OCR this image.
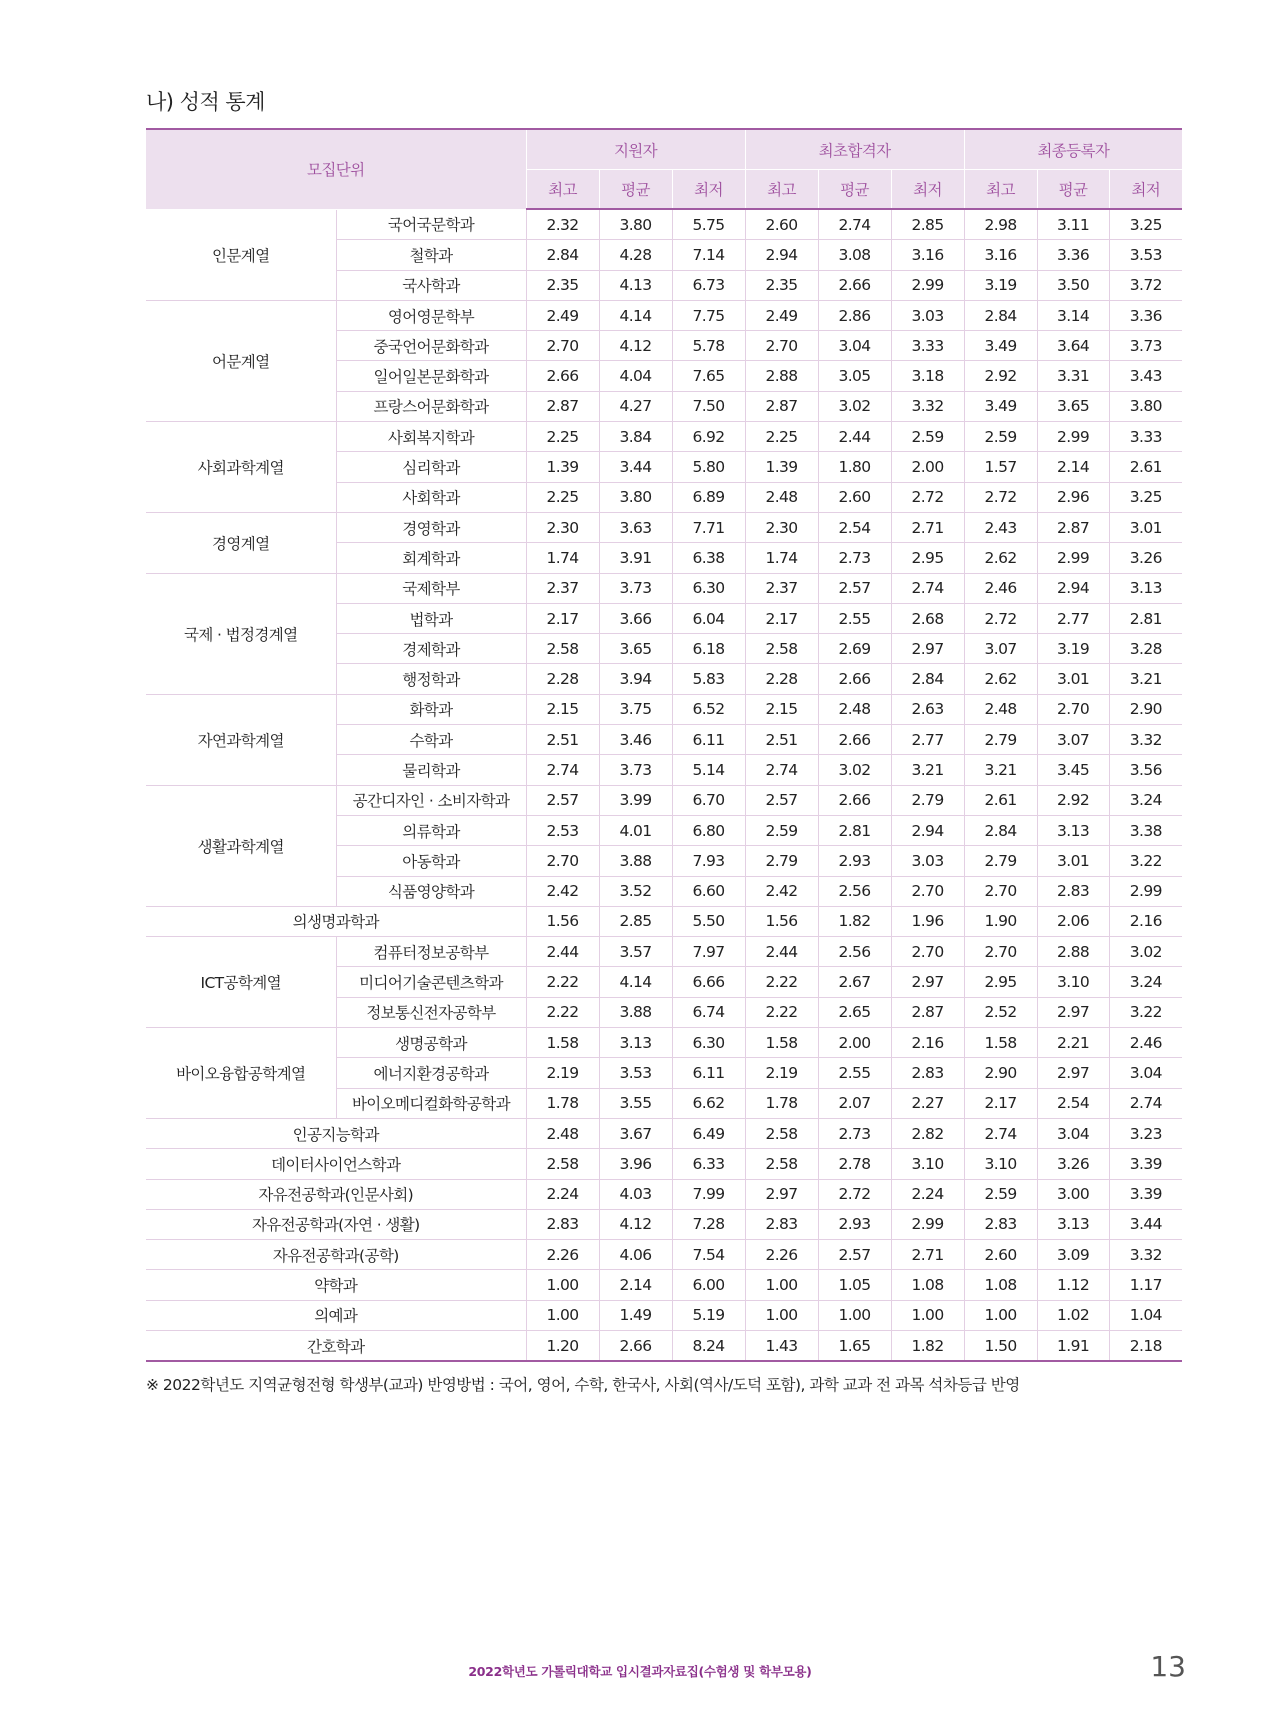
나) 성적 통계
모집단위		지원자			최초합격자			최종등록자		
		최고	평균	최저	최고	평균	최저	최고	평균	최저
인문계열	국어국문학과	2.32	3.80	5.75	2.60	2.74	2.85	2.98	3.11	3.25
	철학과	2.84	4.28	7.14	2.94	3.08	3.16	3.16	3.36	3.53
	국사학과	2.35	4.13	6.73	2.35	2.66	2.99	3.19	3.50	3.72
어문계열	영어영문학부	2.49	4.14	7.75	2.49	2.86	3.03	2.84	3.14	3.36
	중국언어문화학과	2.70	4.12	5.78	2.70	3.04	3.33	3.49	3.64	3.73
	일어일본문화학과	2.66	4.04	7.65	2.88	3.05	3.18	2.92	3.31	3.43
	프랑스어문화학과	2.87	4.27	7.50	2.87	3.02	3.32	3.49	3.65	3.80
사회과학계열	사회복지학과	2.25	3.84	6.92	2.25	2.44	2.59	2.59	2.99	3.33
	심리학과	1.39	3.44	5.80	1.39	1.80	2.00	1.57	2.14	2.61
	사회학과	2.25	3.80	6.89	2.48	2.60	2.72	2.72	2.96	3.25
경영계열	경영학과	2.30	3.63	7.71	2.30	2.54	2.71	2.43	2.87	3.01
	회계학과	1.74	3.91	6.38	1.74	2.73	2.95	2.62	2.99	3.26
국제 · 법정경계열	국제학부	2.37	3.73	6.30	2.37	2.57	2.74	2.46	2.94	3.13
	법학과	2.17	3.66	6.04	2.17	2.55	2.68	2.72	2.77	2.81
	경제학과	2.58	3.65	6.18	2.58	2.69	2.97	3.07	3.19	3.28
	행정학과	2.28	3.94	5.83	2.28	2.66	2.84	2.62	3.01	3.21
자연과학계열	화학과	2.15	3.75	6.52	2.15	2.48	2.63	2.48	2.70	2.90
	수학과	2.51	3.46	6.11	2.51	2.66	2.77	2.79	3.07	3.32
	물리학과	2.74	3.73	5.14	2.74	3.02	3.21	3.21	3.45	3.56
생활과학계열	공간디자인 · 소비자학과	2.57	3.99	6.70	2.57	2.66	2.79	2.61	2.92	3.24
	의류학과	2.53	4.01	6.80	2.59	2.81	2.94	2.84	3.13	3.38
	아동학과	2.70	3.88	7.93	2.79	2.93	3.03	2.79	3.01	3.22
	식품영양학과	2.42	3.52	6.60	2.42	2.56	2.70	2.70	2.83	2.99
의생명과학과		1.56	2.85	5.50	1.56	1.82	1.96	1.90	2.06	2.16
ICT공학계열	컴퓨터정보공학부	2.44	3.57	7.97	2.44	2.56	2.70	2.70	2.88	3.02
	미디어기술콘텐츠학과	2.22	4.14	6.66	2.22	2.67	2.97	2.95	3.10	3.24
	정보통신전자공학부	2.22	3.88	6.74	2.22	2.65	2.87	2.52	2.97	3.22
바이오융합공학계열	생명공학과	1.58	3.13	6.30	1.58	2.00	2.16	1.58	2.21	2.46
	에너지환경공학과	2.19	3.53	6.11	2.19	2.55	2.83	2.90	2.97	3.04
	바이오메디컬화학공학과	1.78	3.55	6.62	1.78	2.07	2.27	2.17	2.54	2.74
인공지능학과		2.48	3.67	6.49	2.58	2.73	2.82	2.74	3.04	3.23
데이터사이언스학과		2.58	3.96	6.33	2.58	2.78	3.10	3.10	3.26	3.39
자유전공학과(인문사회)		2.24	4.03	7.99	2.97	2.72	2.24	2.59	3.00	3.39
자유전공학과(자연 · 생활)		2.83	4.12	7.28	2.83	2.93	2.99	2.83	3.13	3.44
자유전공학과(공학)		2.26	4.06	7.54	2.26	2.57	2.71	2.60	3.09	3.32
약학과		1.00	2.14	6.00	1.00	1.05	1.08	1.08	1.12	1.17
의예과		1.00	1.49	5.19	1.00	1.00	1.00	1.00	1.02	1.04
간호학과		1.20	2.66	8.24	1.43	1.65	1.82	1.50	1.91	2.18
※ 2022학년도 지역균형전형 학생부(교과) 반영방법 : 국어, 영어, 수학, 한국사, 사회(역사/도덕 포함), 과학 교과 전 과목 석차등급 반영
2022학년도 가톨릭대학교 입시결과자료집(수험생 및 학부모용)	13
